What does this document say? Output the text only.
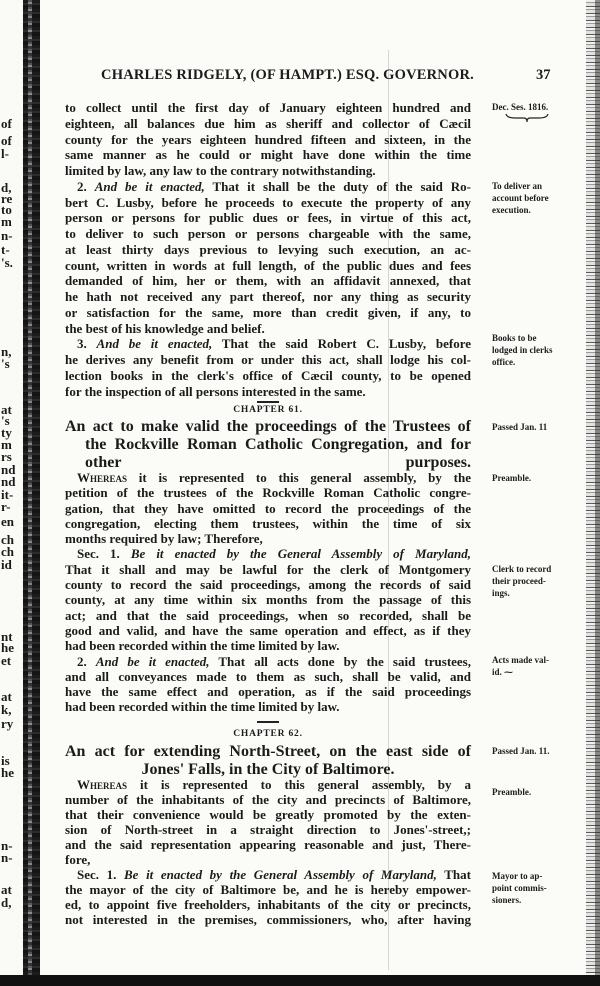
of
of
l-
d,
re
to
m
n-
t-
's.
n,
's
at
's
ty
m
rs
nd
nd
it-
r-
en
ch
ch
id
nt
he
et
at
k,
ry
is
he
n-
n-
at
d,
CHARLES RIDGELY, (OF HAMPT.) ESQ. GOVERNOR.	37
to collect until the first day of January eighteen hundred and
eighteen, all balances due him as sheriff and collector of Cæcil
county for the years eighteen hundred fifteen and sixteen, in the
same manner as he could or might have done within the time
limited by law, any law to the contrary notwithstanding.
2. And be it enacted, That it shall be the duty of the said Ro-
bert C. Lusby, before he proceeds to execute the property of any
person or persons for public dues or fees, in virtue of this act,
to deliver to such person or persons chargeable with the same,
at least thirty days previous to levying such execution, an ac-
count, written in words at full length, of the public dues and fees
demanded of him, her or them, with an affidavit annexed, that
he hath not received any part thereof, nor any thing as security
or satisfaction for the same, more than credit given, if any, to
the best of his knowledge and belief.
3. And be it enacted, That the said Robert C. Lusby, before
he derives any benefit from or under this act, shall lodge his col-
lection books in the clerk's office of Cæcil county, to be opened
for the inspection of all persons interested in the same.
Whereas it is represented to this general assembly, by the
petition of the trustees of the Rockville Roman Catholic congre-
gation, that they have omitted to record the proceedings of the
congregation, electing them trustees, within the time of six
months required by law; Therefore,
Sec. 1. Be it enacted by the General Assembly of Maryland,
That it shall and may be lawful for the clerk of Montgomery
county to record the said proceedings, among the records of said
county, at any time within six months from the passage of this
act; and that the said proceedings, when so recorded, shall be
good and valid, and have the same operation and effect, as if they
had been recorded within the time limited by law.
2. And be it enacted, That all acts done by the said trustees,
and all conveyances made to them as such, shall be valid, and
have the same effect and operation, as if the said proceedings
had been recorded within the time limited by law.
Whereas it is represented to this general assembly, by a
number of the inhabitants of the city and precincts of Baltimore,
that their convenience would be greatly promoted by the exten-
sion of North-street in a straight direction to Jones'-street,;
and the said representation appearing reasonable and just, There-
fore,
Sec. 1. Be it enacted by the General Assembly of Maryland, That
the mayor of the city of Baltimore be, and he is hereby empower-
ed, to appoint five freeholders, inhabitants of the city or precincts,
not interested in the premises, commissioners, who, after having
CHAPTER 61.
An act to make valid the proceedings of the Trustees of
the Rockville Roman Catholic Congregation, and for
other purposes.
CHAPTER 62.
An act for extending North-Street, on the east side of
Jones' Falls, in the City of Baltimore.
Dec. Ses. 1816.
To deliver an
account before
execution.
Books to be
lodged in clerks
office.
Passed Jan. 11
Preamble.
Clerk to record
their proceed-
ings.
Acts made val-
id. ⁓
Passed Jan. 11.
Preamble.
Mayor to ap-
point commis-
sioners.
